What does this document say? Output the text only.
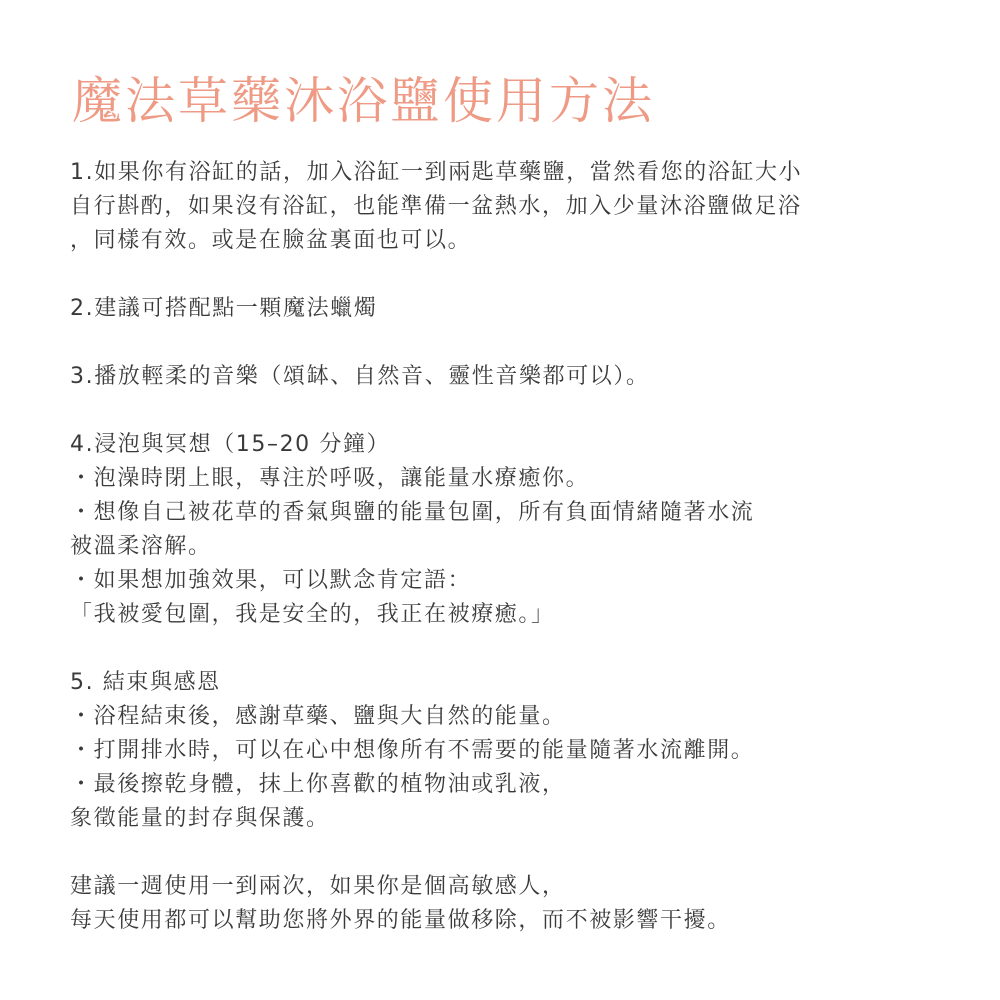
魔法草藥沐浴鹽使用方法
1.如果你有浴缸的話，加入浴缸一到兩匙草藥鹽，當然看您的浴缸大小
自行斟酌，如果沒有浴缸，也能準備一盆熱水，加入少量沐浴鹽做足浴
，同樣有效。或是在臉盆裏面也可以。
2.建議可搭配點一顆魔法蠟燭
3.播放輕柔的音樂（頌缽、自然音、靈性音樂都可以）。
4.浸泡與冥想（15–20 分鐘）
・泡澡時閉上眼，專注於呼吸，讓能量水療癒你。
・想像自己被花草的香氣與鹽的能量包圍，所有負面情緒隨著水流
被溫柔溶解。
・如果想加強效果，可以默念肯定語：
「我被愛包圍，我是安全的，我正在被療癒。」
5. 結束與感恩
・浴程結束後，感謝草藥、鹽與大自然的能量。
・打開排水時，可以在心中想像所有不需要的能量隨著水流離開。
・最後擦乾身體，抹上你喜歡的植物油或乳液，
象徵能量的封存與保護。
建議一週使用一到兩次，如果你是個高敏感人，
每天使用都可以幫助您將外界的能量做移除，而不被影響干擾。
